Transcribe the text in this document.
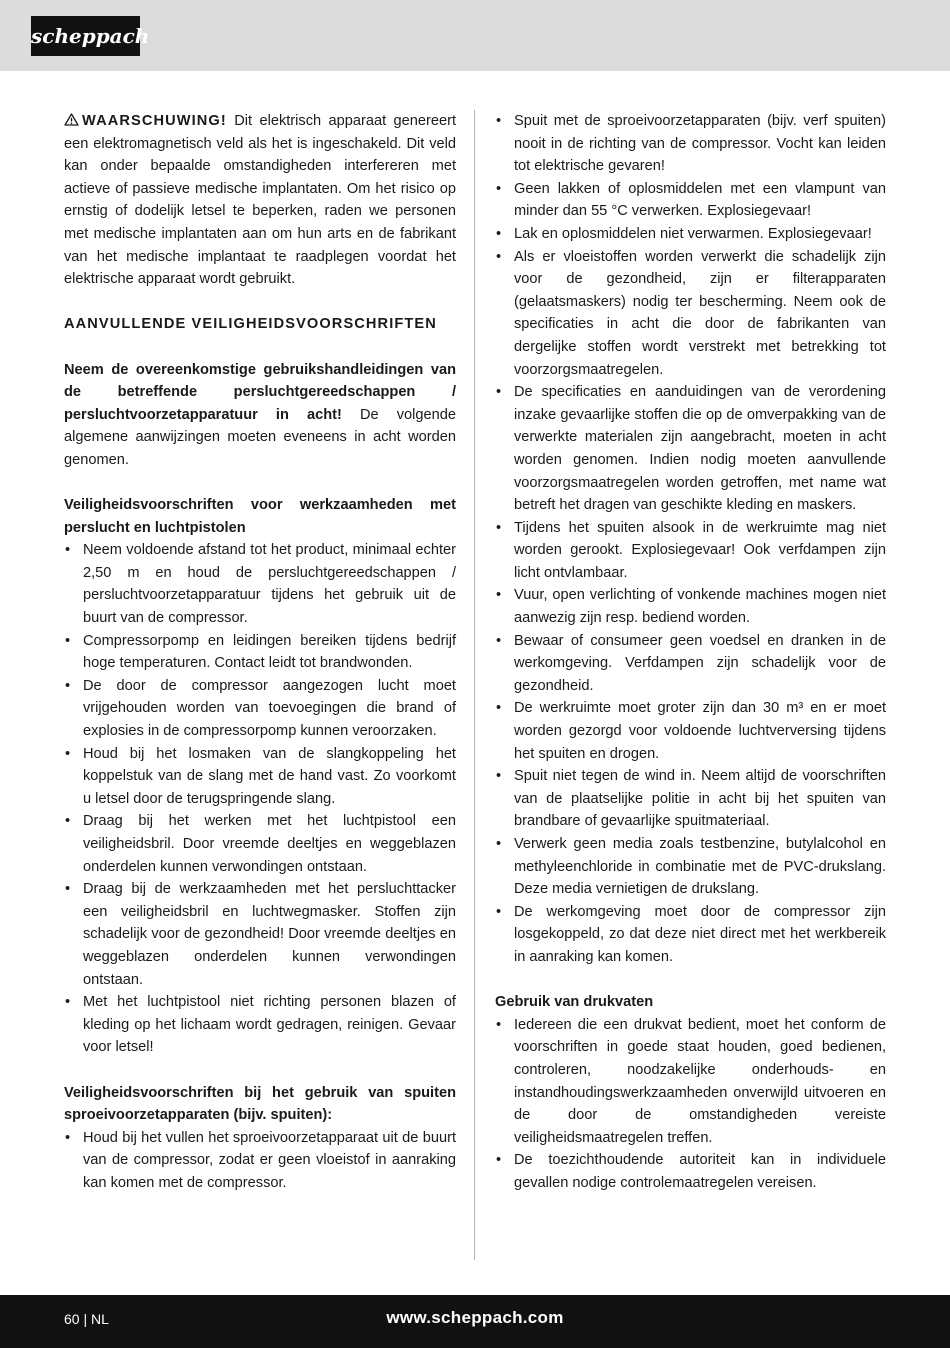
scheppach

WAARSCHUWING! Dit elektrisch apparaat genereert een elektromagnetisch veld als het is ingeschakeld. Dit veld kan onder bepaalde omstandigheden interfereren met actieve of passieve medische implantaten. Om het risico op ernstig of dodelijk letsel te beperken, raden we personen met medische implantaten aan om hun arts en de fabrikant van het medische implantaat te raadplegen voordat het elektrische apparaat wordt gebruikt.

AANVULLENDE VEILIGHEIDSVOORSCHRIFTEN

Neem de overeenkomstige gebruikshandleidingen van de betreffende persluchtgereedschappen / persluchtvoorzetapparatuur in acht! De volgende algemene aanwijzingen moeten eveneens in acht worden genomen.

Veiligheidsvoorschriften voor werkzaamheden met perslucht en luchtpistolen

• Neem voldoende afstand tot het product, minimaal echter 2,50 m en houd de persluchtgereedschappen / persluchtvoorzetapparatuur tijdens het gebruik uit de buurt van de compressor.
• Compressorpomp en leidingen bereiken tijdens bedrijf hoge temperaturen. Contact leidt tot brandwonden.
• De door de compressor aangezogen lucht moet vrijgehouden worden van toevoegingen die brand of explosies in de compressorpomp kunnen veroorzaken.
• Houd bij het losmaken van de slangkoppeling het koppelstuk van de slang met de hand vast. Zo voorkomt u letsel door de terugspringende slang.
• Draag bij het werken met het luchtpistool een veiligheidsbril. Door vreemde deeltjes en weggeblazen onderdelen kunnen verwondingen ontstaan.
• Draag bij de werkzaamheden met het persluchttacker een veiligheidsbril en luchtwegmasker. Stoffen zijn schadelijk voor de gezondheid! Door vreemde deeltjes en weggeblazen onderdelen kunnen verwondingen ontstaan.
• Met het luchtpistool niet richting personen blazen of kleding op het lichaam wordt gedragen, reinigen. Gevaar voor letsel!

Veiligheidsvoorschriften bij het gebruik van spuiten sproeivoorzetapparaten (bijv. spuiten):

• Houd bij het vullen het sproeivoorzetapparaat uit de buurt van de compressor, zodat er geen vloeistof in aanraking kan komen met de compressor.
• Spuit met de sproeivoorzetapparaten (bijv. verf spuiten) nooit in de richting van de compressor. Vocht kan leiden tot elektrische gevaren!
• Geen lakken of oplosmiddelen met een vlampunt van minder dan 55 °C verwerken. Explosiegevaar!
• Lak en oplosmiddelen niet verwarmen. Explosiegevaar!
• Als er vloeistoffen worden verwerkt die schadelijk zijn voor de gezondheid, zijn er filterapparaten (gelaatsmaskers) nodig ter bescherming. Neem ook de specificaties in acht die door de fabrikanten van dergelijke stoffen wordt verstrekt met betrekking tot voorzorgsmaatregelen.
• De specificaties en aanduidingen van de verordening inzake gevaarlijke stoffen die op de omverpakking van de verwerkte materialen zijn aangebracht, moeten in acht worden genomen. Indien nodig moeten aanvullende voorzorgsmaatregelen worden getroffen, met name wat betreft het dragen van geschikte kleding en maskers.
• Tijdens het spuiten alsook in de werkruimte mag niet worden gerookt. Explosiegevaar! Ook verfdampen zijn licht ontvlambaar.
• Vuur, open verlichting of vonkende machines mogen niet aanwezig zijn resp. bediend worden.
• Bewaar of consumeer geen voedsel en dranken in de werkomgeving. Verfdampen zijn schadelijk voor de gezondheid.
• De werkruimte moet groter zijn dan 30 m³ en er moet worden gezorgd voor voldoende luchtverversing tijdens het spuiten en drogen.
• Spuit niet tegen de wind in. Neem altijd de voorschriften van de plaatselijke politie in acht bij het spuiten van brandbare of gevaarlijke spuitmateriaal.
• Verwerk geen media zoals testbenzine, butylalcohol en methyleenchloride in combinatie met de PVC-drukslang. Deze media vernietigen de drukslang.
• De werkomgeving moet door de compressor zijn losgekoppeld, zo dat deze niet direct met het werkbereik in aanraking kan komen.

Gebruik van drukvaten

• Iedereen die een drukvat bedient, moet het conform de voorschriften in goede staat houden, goed bedienen, controleren, noodzakelijke onderhouds- en instandhoudingswerkzaamheden onverwijld uitvoeren en de door de omstandigheden vereiste veiligheidsmaatregelen treffen.
• De toezichthoudende autoriteit kan in individuele gevallen nodige controlemaatregelen vereisen.
60 | NL	www.scheppach.com
